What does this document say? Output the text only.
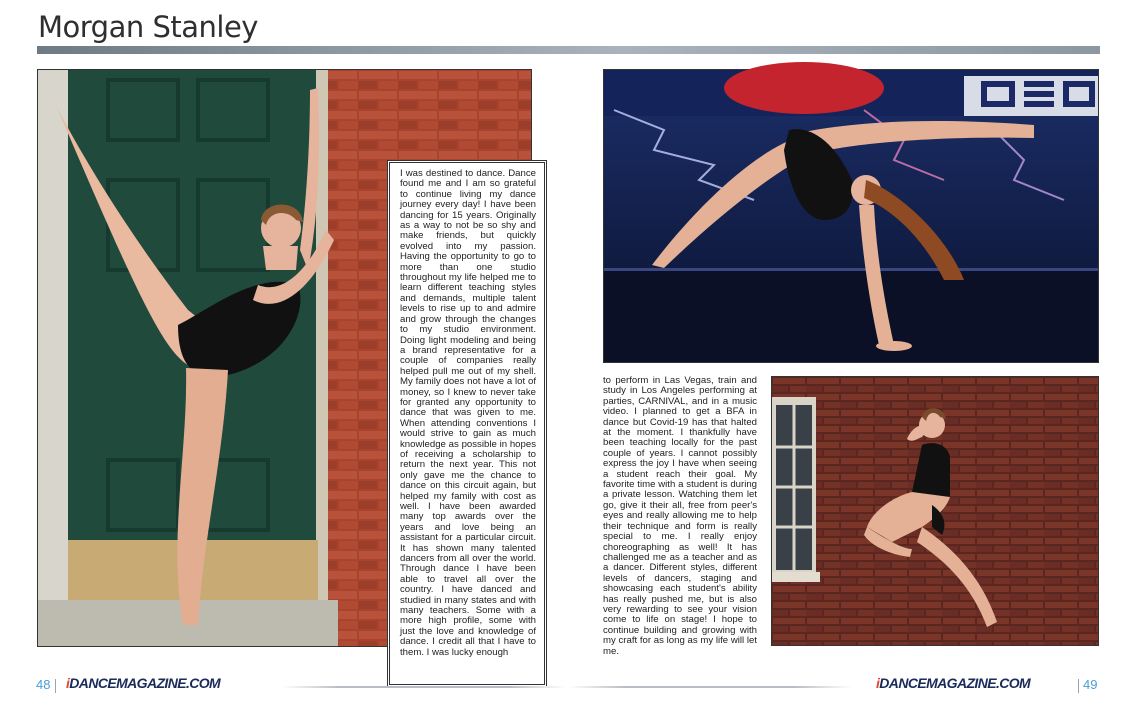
Morgan Stanley

I was destined to dance. Dance found me and I am so grateful to continue living my dance journey every day! I have been dancing for 15 years. Originally as a way to not be so shy and make friends, but quickly evolved into my passion. Having the opportunity to go to more than one studio throughout my life helped me to learn different teaching styles and demands, multiple talent levels to rise up to and admire and grow through the changes to my studio environment. Doing light modeling and being a brand representative for a couple of companies really helped pull me out of my shell. My family does not have a lot of money, so I knew to never take for granted any opportunity to dance that was given to me. When attending conventions I would strive to gain as much knowledge as possible in hopes of receiving a scholarship to return the next year. This not only gave me the chance to dance on this circuit again, but helped my family with cost as well. I have been awarded many top awards over the years and love being an assistant for a particular circuit. It has shown many talented dancers from all over the world. Through dance I have been able to travel all over the country. I have danced and studied in many states and with many teachers. Some with a more high profile, some with just the love and knowledge of dance. I credit all that I have to them. I was lucky enough

to perform in Las Vegas, train and study in Los Angeles performing at parties, CARNIVAL, and in a music video. I planned to get a BFA in dance but Covid-19 has that halted at the moment. I thankfully have been teaching locally for the past couple of years. I cannot possibly express the joy I have when seeing a student reach their goal. My favorite time with a student is during a private lesson. Watching them let go, give it their all, free from peer's eyes and really allowing me to help their technique and form is really special to me. I really enjoy choreographing as well! It has challenged me as a teacher and as a dancer. Different styles, different levels of dancers, staging and showcasing each student's ability has really pushed me, but is also very rewarding to see your vision come to life on stage! I hope to continue building and growing with my craft for as long as my life will let me.

48 iDANCEMAGAZINE.COM	iDANCEMAGAZINE.COM	49
